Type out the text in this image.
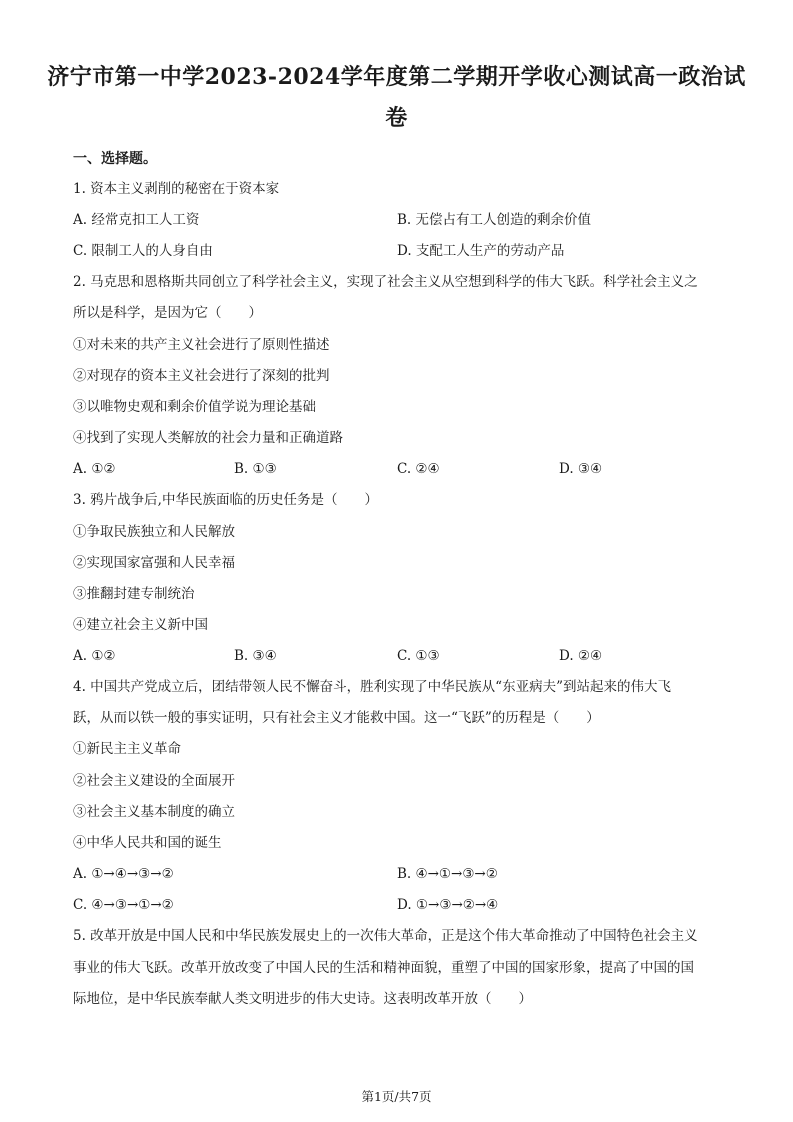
济宁市第一中学2023-2024学年度第二学期开学收心测试高一政治试
卷
一、选择题。
1. 资本主义剥削的秘密在于资本家
A. 经常克扣工人工资	B. 无偿占有工人创造的剩余价值
C. 限制工人的人身自由	D. 支配工人生产的劳动产品
2. 马克思和恩格斯共同创立了科学社会主义，实现了社会主义从空想到科学的伟大飞跃。科学社会主义之
所以是科学，是因为它（　　）
①对未来的共产主义社会进行了原则性描述
②对现存的资本主义社会进行了深刻的批判
③以唯物史观和剩余价值学说为理论基础
④找到了实现人类解放的社会力量和正确道路
A. ①②	B. ①③	C. ②④	D. ③④
3. 鸦片战争后,中华民族面临的历史任务是（　　）
①争取民族独立和人民解放
②实现国家富强和人民幸福
③推翻封建专制统治
④建立社会主义新中国
A. ①②	B. ③④	C. ①③	D. ②④
4. 中国共产党成立后，团结带领人民不懈奋斗，胜利实现了中华民族从“东亚病夫”到站起来的伟大飞
跃，从而以铁一般的事实证明，只有社会主义才能救中国。这一“飞跃”的历程是（　　）
①新民主主义革命
②社会主义建设的全面展开
③社会主义基本制度的确立
④中华人民共和国的诞生
A. ①→④→③→②	B. ④→①→③→②
C. ④→③→①→②	D. ①→③→②→④
5. 改革开放是中国人民和中华民族发展史上的一次伟大革命，正是这个伟大革命推动了中国特色社会主义
事业的伟大飞跃。改革开放改变了中国人民的生活和精神面貌，重塑了中国的国家形象，提高了中国的国
际地位，是中华民族奉献人类文明进步的伟大史诗。这表明改革开放（　　）
第1页/共7页
